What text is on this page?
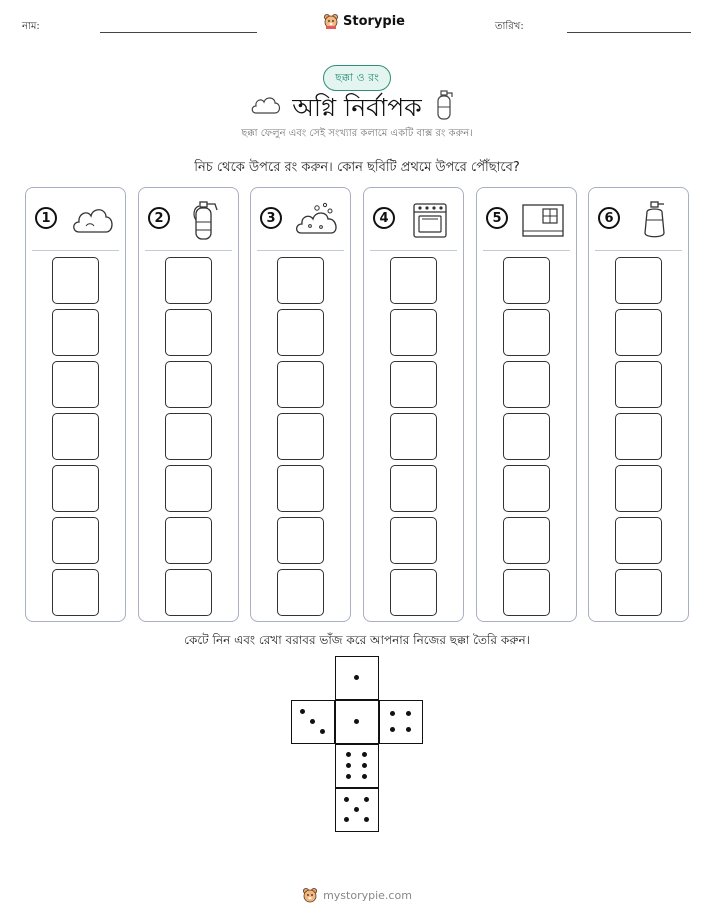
নাম:	Storypie	তারিখ:
ছক্কা ও রং
অগ্নি নির্বাপক
ছক্কা ফেলুন এবং সেই সংখ্যার কলামে একটি বাক্স রং করুন।
নিচ থেকে উপরে রং করুন। কোন ছবিটি প্রথমে উপরে পৌঁছাবে?
1	2	3	4	5	6
কেটে নিন এবং রেখা বরাবর ভাঁজ করে আপনার নিজের ছক্কা তৈরি করুন।
mystorypie.com
